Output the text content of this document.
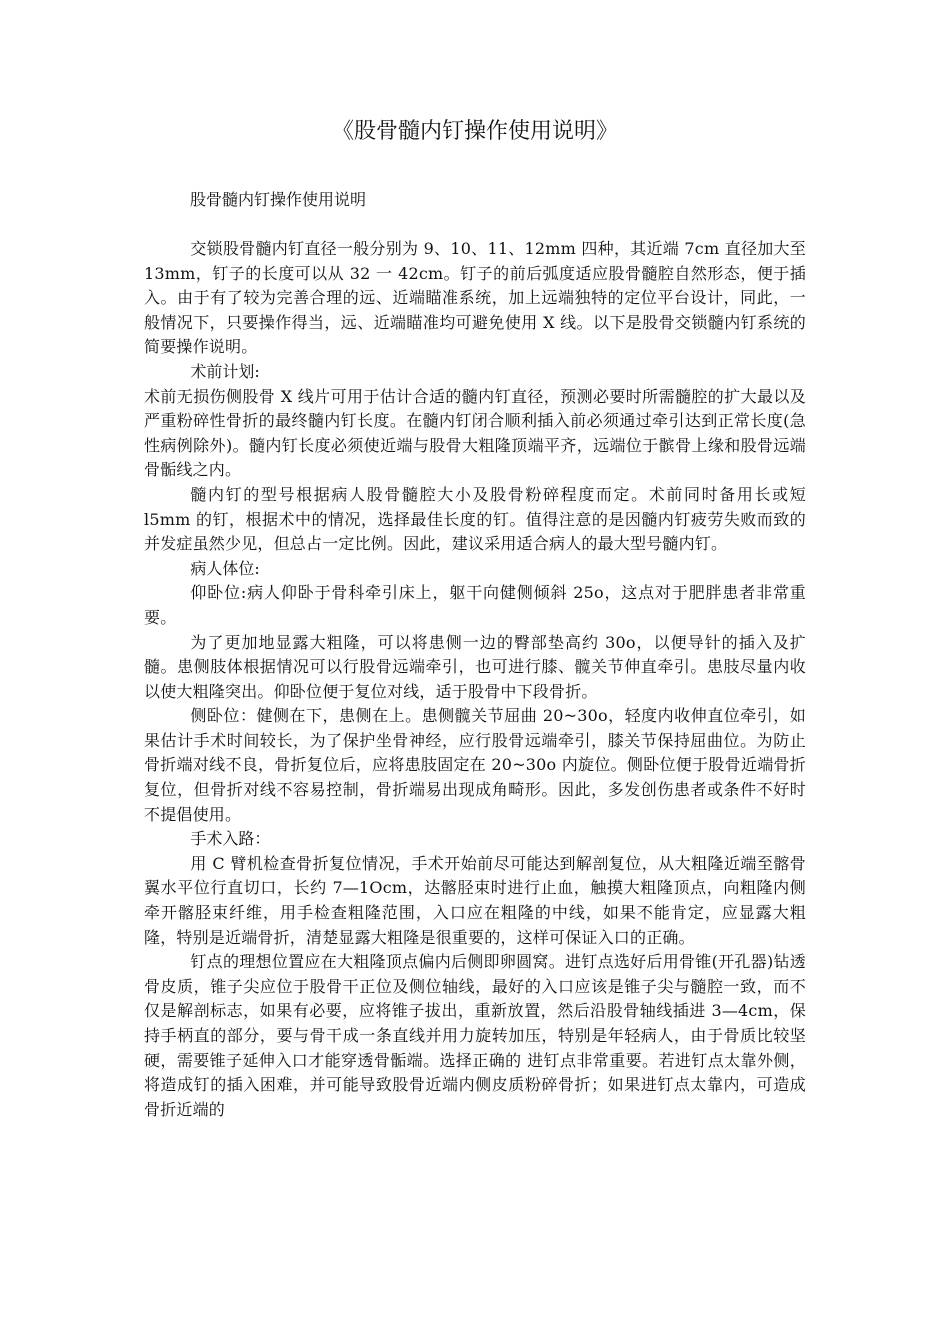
《股骨髓内钉操作使用说明》

股骨髓内钉操作使用说明

交锁股骨髓内钉直径一般分别为 9、10、11、12mm 四种，其近端 7cm 直径加大至 13mm，钉子的长度可以从 32 一 42cm。钉子的前后弧度适应股骨髓腔自然形态，便于插入。由于有了较为完善合理的远、近端瞄准系统，加上远端独特的定位平台设计，同此，一般情况下，只要操作得当，远、近端瞄准均可避免使用 X 线。以下是股骨交锁髓内钉系统的简要操作说明。

术前计划:

术前无损伤侧股骨 X 线片可用于估计合适的髓内钉直径，预测必要时所需髓腔的扩大最以及严重粉碎性骨折的最终髓内钉长度。在髓内钉闭合顺利插入前必须通过牵引达到正常长度(急性病例除外)。髓内钉长度必须使近端与股骨大粗隆顶端平齐，远端位于髌骨上缘和股骨远端骨骺线之内。

髓内钉的型号根据病人股骨髓腔大小及股骨粉碎程度而定。术前同时备用长或短 l5mm 的钉，根据术中的情况，选择最佳长度的钉。值得注意的是因髓内钉疲劳失败而致的并发症虽然少见，但总占一定比例。因此，建议采用适合病人的最大型号髓内钉。

病人体位:

仰卧位:病人仰卧于骨科牵引床上，躯干向健侧倾斜 25o，这点对于肥胖患者非常重要。

为了更加地显露大粗隆，可以将患侧一边的臀部垫高约 30o，以便导针的插入及扩髓。患侧肢体根据情况可以行股骨远端牵引，也可进行膝、髋关节伸直牵引。患肢尽量内收以使大粗隆突出。仰卧位便于复位对线，适于股骨中下段骨折。

侧卧位：健侧在下，患侧在上。患侧髋关节屈曲 20~30o，轻度内收伸直位牵引，如果估计手术时间较长，为了保护坐骨神经，应行股骨远端牵引，膝关节保持屈曲位。为防止骨折端对线不良，骨折复位后，应将患肢固定在 20~30o 内旋位。侧卧位便于股骨近端骨折复位，但骨折对线不容易控制，骨折端易出现成角畸形。因此，多发创伤患者或条件不好时不提倡使用。

手术入路：

用 C 臂机检查骨折复位情况，手术开始前尽可能达到解剖复位，从大粗隆近端至髂骨翼水平位行直切口，长约 7—1Ocm，达髂胫束时进行止血，触摸大粗隆顶点，向粗隆内侧牵开髂胫束纤维，用手检查粗隆范围，入口应在粗隆的中线，如果不能肯定，应显露大粗隆，特别是近端骨折，清楚显露大粗隆是很重要的，这样可保证入口的正确。

钉点的理想位置应在大粗隆顶点偏内后侧即卵圆窝。进钉点选好后用骨锥(开孔器)钻透骨皮质，锥子尖应位于股骨干正位及侧位轴线，最好的入口应该是锥子尖与髓腔一致，而不仅是解剖标志，如果有必要，应将锥子拔出，重新放置，然后沿股骨轴线插进 3—4cm，保持手柄直的部分，要与骨干成一条直线并用力旋转加压，特别是年轻病人，由于骨质比较坚硬，需要锥子延伸入口才能穿透骨骺端。选择正确的 进钉点非常重要。若进钉点太靠外侧，将造成钉的插入困难，并可能导致股骨近端内侧皮质粉碎骨折；如果进钉点太靠内，可造成骨折近端的
